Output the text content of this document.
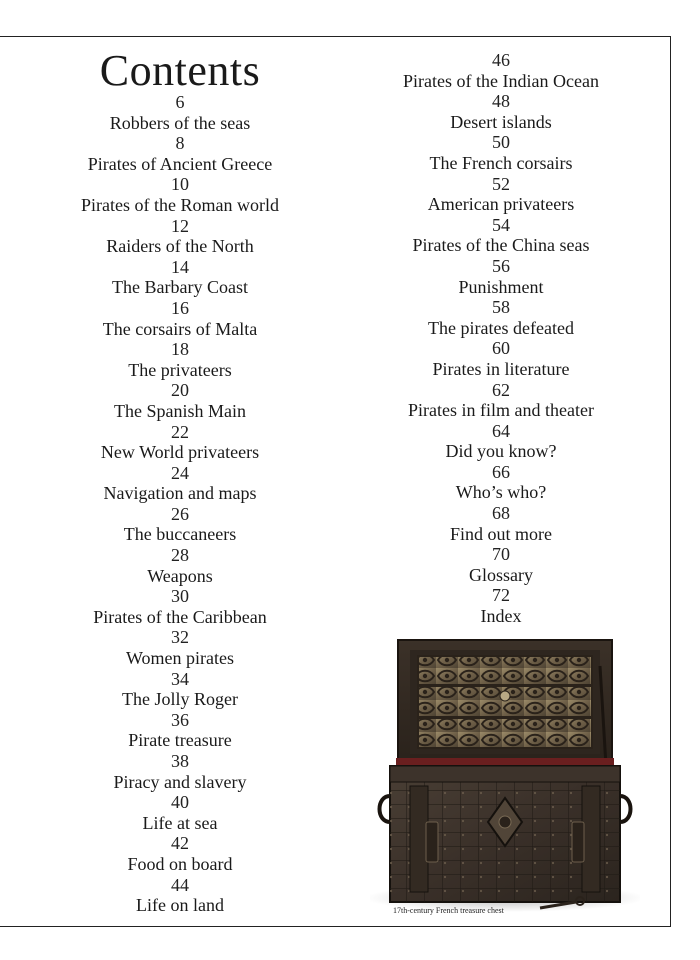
Contents
6
Robbers of the seas
8
Pirates of Ancient Greece
10
Pirates of the Roman world
12
Raiders of the North
14
The Barbary Coast
16
The corsairs of Malta
18
The privateers
20
The Spanish Main
22
New World privateers
24
Navigation and maps
26
The buccaneers
28
Weapons
30
Pirates of the Caribbean
32
Women pirates
34
The Jolly Roger
36
Pirate treasure
38
Piracy and slavery
40
Life at sea
42
Food on board
44
Life on land
46
Pirates of the Indian Ocean
48
Desert islands
50
The French corsairs
52
American privateers
54
Pirates of the China seas
56
Punishment
58
The pirates defeated
60
Pirates in literature
62
Pirates in film and theater
64
Did you know?
66
Who’s who?
68
Find out more
70
Glossary
72
Index
17th-century French treasure chest
